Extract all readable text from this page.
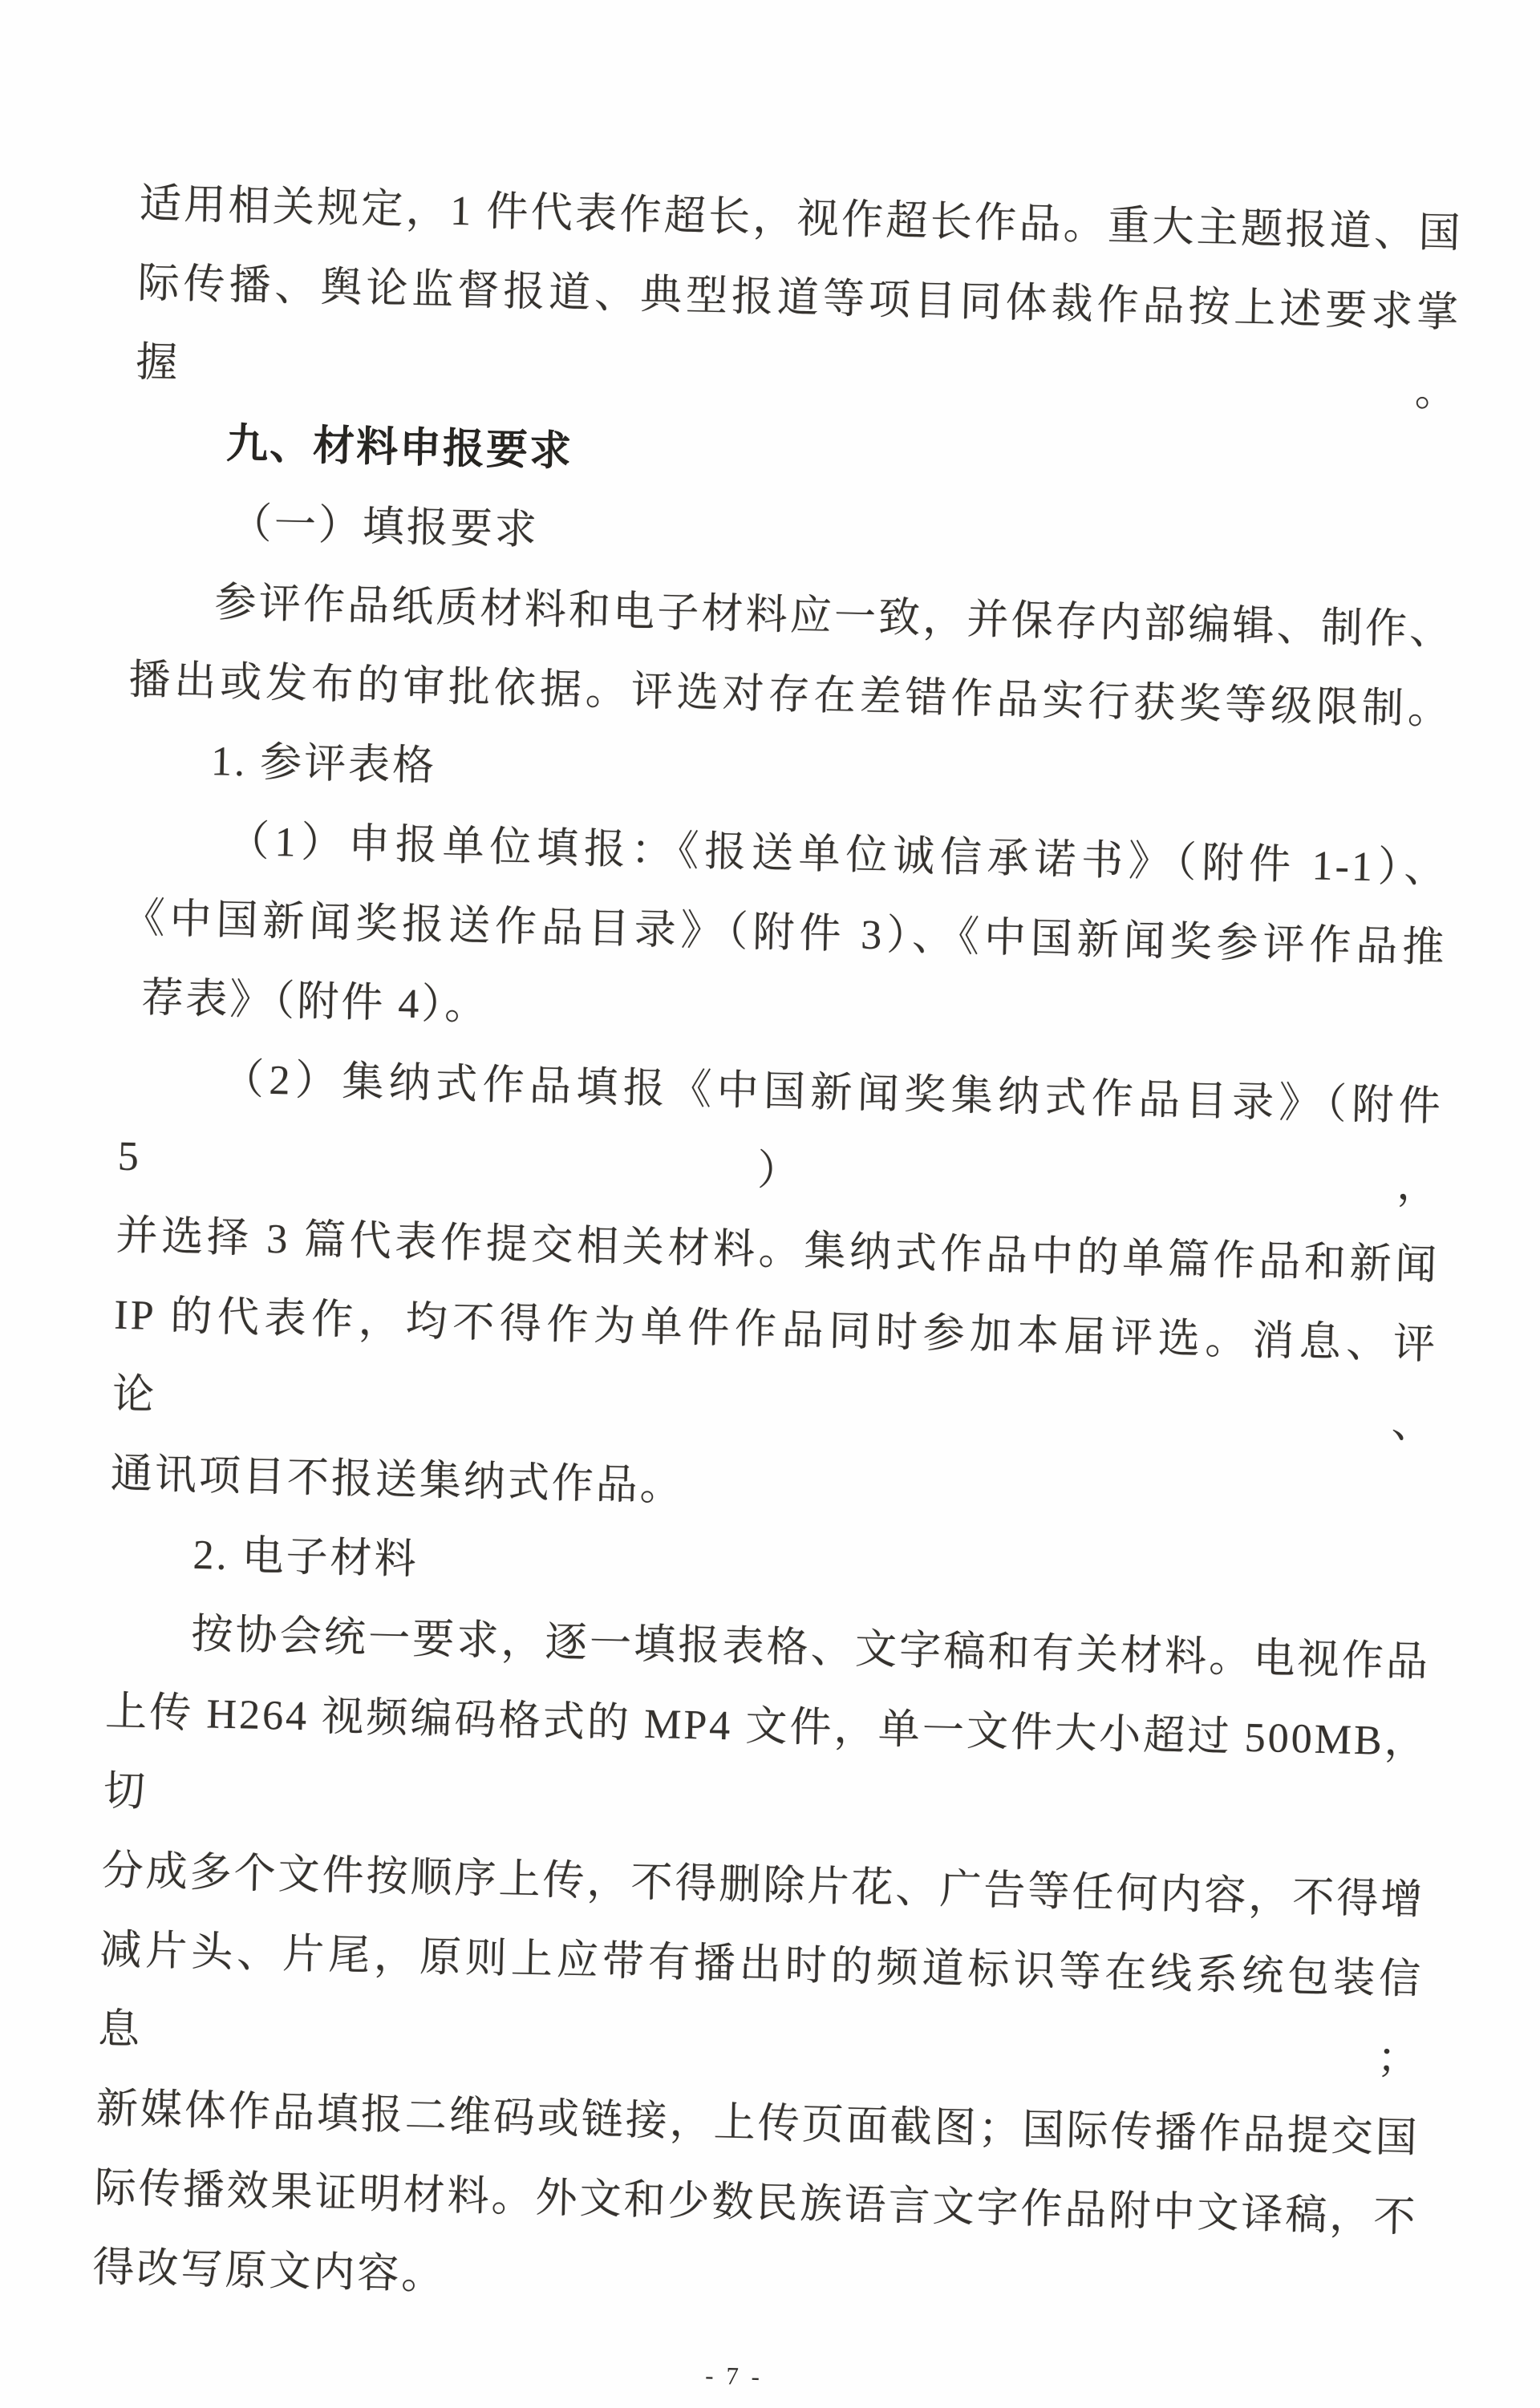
适用相关规定，1 件代表作超长，视作超长作品。重大主题报道、国
际传播、舆论监督报道、典型报道等项目同体裁作品按上述要求掌握。
九、材料申报要求
（一）填报要求
参评作品纸质材料和电子材料应一致，并保存内部编辑、制作、
播出或发布的审批依据。评选对存在差错作品实行获奖等级限制。
1. 参评表格
（1）申报单位填报：《报送单位诚信承诺书》（附件 1-1）、
《中国新闻奖报送作品目录》（附件 3）、《中国新闻奖参评作品推
荐表》（附件 4）。
（2）集纳式作品填报《中国新闻奖集纳式作品目录》（附件 5），
并选择 3 篇代表作提交相关材料。集纳式作品中的单篇作品和新闻
IP 的代表作，均不得作为单件作品同时参加本届评选。消息、评论、
通讯项目不报送集纳式作品。
2. 电子材料
按协会统一要求，逐一填报表格、文字稿和有关材料。电视作品
上传 H264 视频编码格式的 MP4 文件，单一文件大小超过 500MB，切
分成多个文件按顺序上传，不得删除片花、广告等任何内容，不得增
减片头、片尾，原则上应带有播出时的频道标识等在线系统包装信息；
新媒体作品填报二维码或链接，上传页面截图；国际传播作品提交国
际传播效果证明材料。外文和少数民族语言文字作品附中文译稿，不
得改写原文内容。
- 7 -
